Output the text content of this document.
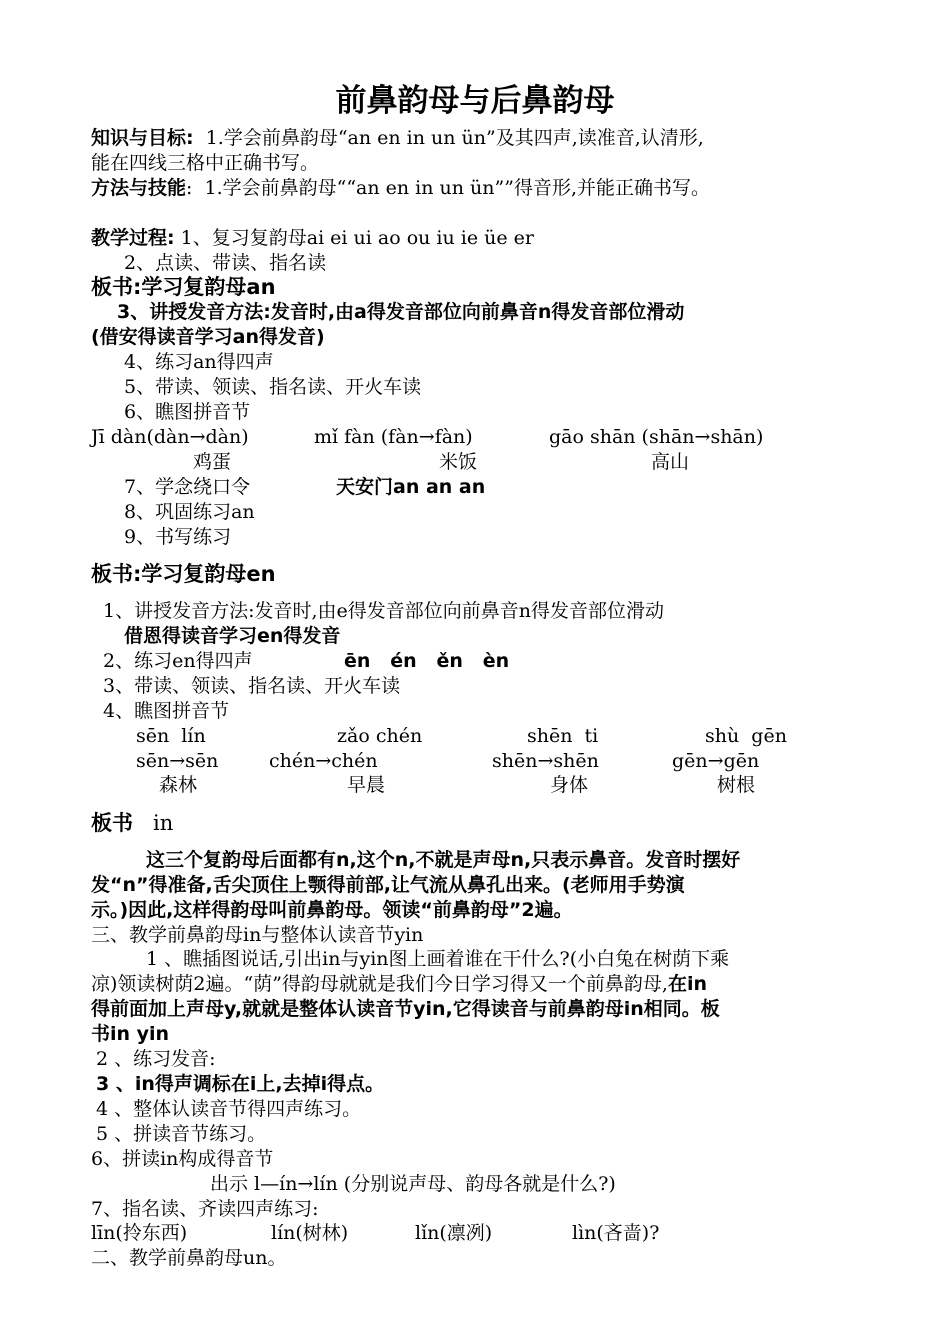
前鼻韵母与后鼻韵母
知识与目标:  1.学会前鼻韵母“an en in un ün”及其四声,读准音,认清形,
能在四线三格中正确书写。
方法与技能:  1.学会前鼻韵母““an en in un ün””得音形,并能正确书写。
教学过程: 1、复习复韵母ai ei ui ao ou iu ie üe er
2、点读、带读、指名读
板书:学习复韵母an
3、讲授发音方法:发音时,由a得发音部位向前鼻音n得发音部位滑动
(借安得读音学习an得发音)
4、练习an得四声
5、带读、领读、指名读、开火车读
6、瞧图拼音节
Jī dàn(dàn→dàn)	mǐ fàn (fàn→fàn)	gāo shān (shān→shān)
鸡蛋	米饭	高山
7、学念绕口令	天安门an an an
8、巩固练习an
9、书写练习
板书:学习复韵母en
1、讲授发音方法:发音时,由e得发音部位向前鼻音n得发音部位滑动
借恩得读音学习en得发音
2、练习en得四声	ēn   én   ěn   èn
3、带读、领读、指名读、开火车读
4、瞧图拼音节
sēn  lín	zǎo chén	shēn  ti	shù  gēn
sēn→sēn	chén→chén	shēn→shēn	gēn→gēn
森林	早晨	身体	树根
板书 in
这三个复韵母后面都有n,这个n,不就是声母n,只表示鼻音。发音时摆好
发“n”得准备,舌尖顶住上颚得前部,让气流从鼻孔出来。(老师用手势演
示。)因此,这样得韵母叫前鼻韵母。领读“前鼻韵母”2遍。
三、教学前鼻韵母in与整体认读音节yin
1 、瞧插图说话,引出in与yin图上画着谁在干什么?(小白兔在树荫下乘
凉)领读树荫2遍。“荫”得韵母就就是我们今日学习得又一个前鼻韵母,在in
得前面加上声母y,就就是整体认读音节yin,它得读音与前鼻韵母in相同。板
书in yin
2 、练习发音:
3 、in得声调标在i上,去掉i得点。
4 、整体认读音节得四声练习。
5 、拼读音节练习。
6、拼读in构成得音节
出示 l—ín→lín (分别说声母、韵母各就是什么?)
7、指名读、齐读四声练习:
līn(拎东西)	lín(树林)	lǐn(凛冽)	lìn(吝啬)?
二、教学前鼻韵母un。
